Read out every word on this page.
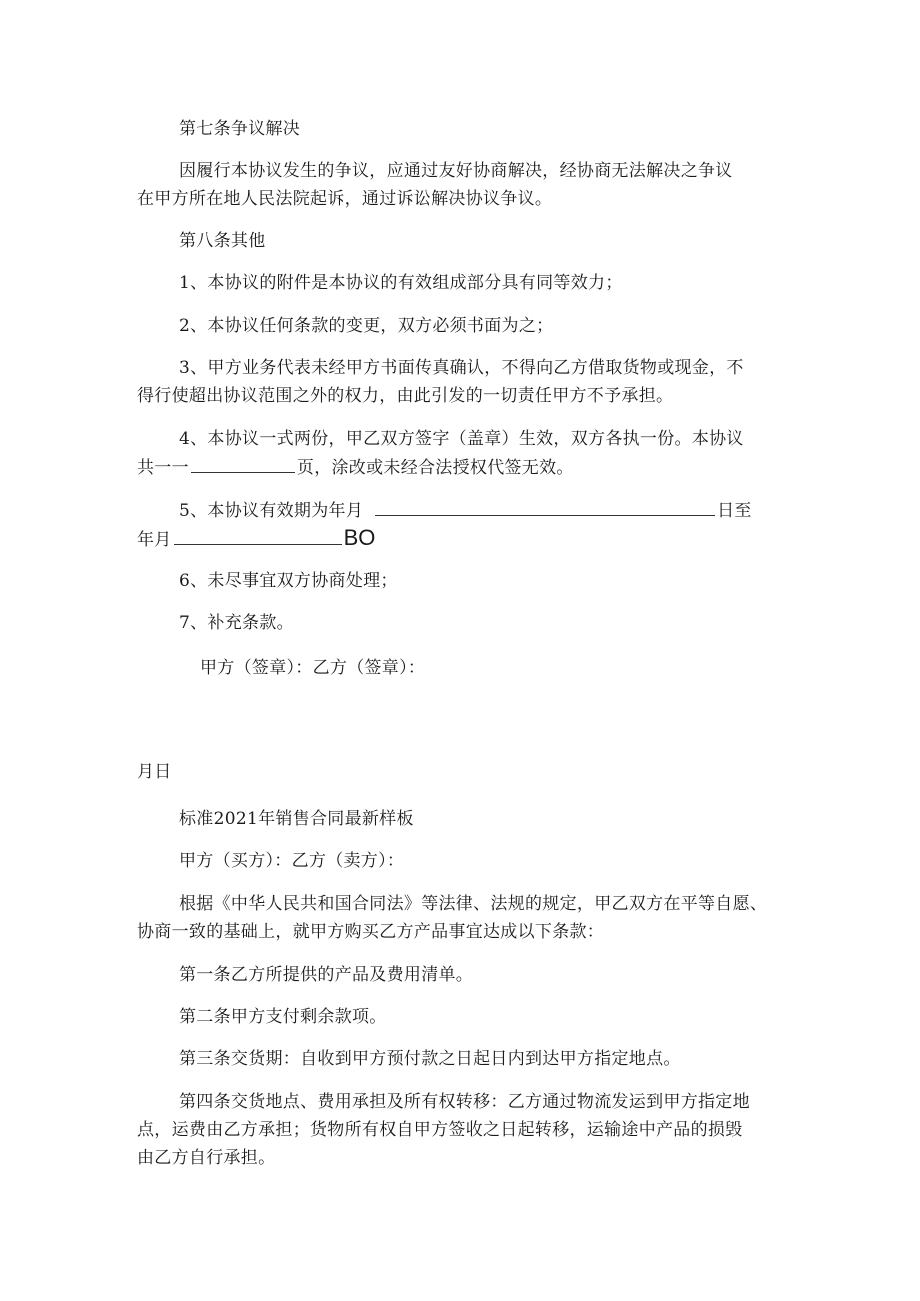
第七条争议解决
因履行本协议发生的争议，应通过友好协商解决，经协商无法解决之争议
在甲方所在地人民法院起诉，通过诉讼解决协议争议。
第八条其他
1、本协议的附件是本协议的有效组成部分具有同等效力；
2、本协议任何条款的变更，双方必须书面为之；
3、甲方业务代表未经甲方书面传真确认，不得向乙方借取货物或现金，不
得行使超出协议范围之外的权力，由此引发的一切责任甲方不予承担。
4、本协议一式两份，甲乙双方签字（盖章）生效，双方各执一份。本协议
共一一	页，涂改或未经合法授权代签无效。
5、本协议有效期为年月	日至
年月	BO
6、未尽事宜双方协商处理；
7、补充条款。
甲方（签章）：乙方（签章）：
月日
标准2021年销售合同最新样板
甲方（买方）：乙方（卖方）：
根据《中华人民共和国合同法》等法律、法规的规定，甲乙双方在平等自愿、
协商一致的基础上，就甲方购买乙方产品事宜达成以下条款：
第一条乙方所提供的产品及费用清单。
第二条甲方支付剩余款项。
第三条交货期：自收到甲方预付款之日起日内到达甲方指定地点。
第四条交货地点、费用承担及所有权转移：乙方通过物流发运到甲方指定地
点，运费由乙方承担；货物所有权自甲方签收之日起转移，运输途中产品的损毁
由乙方自行承担。
